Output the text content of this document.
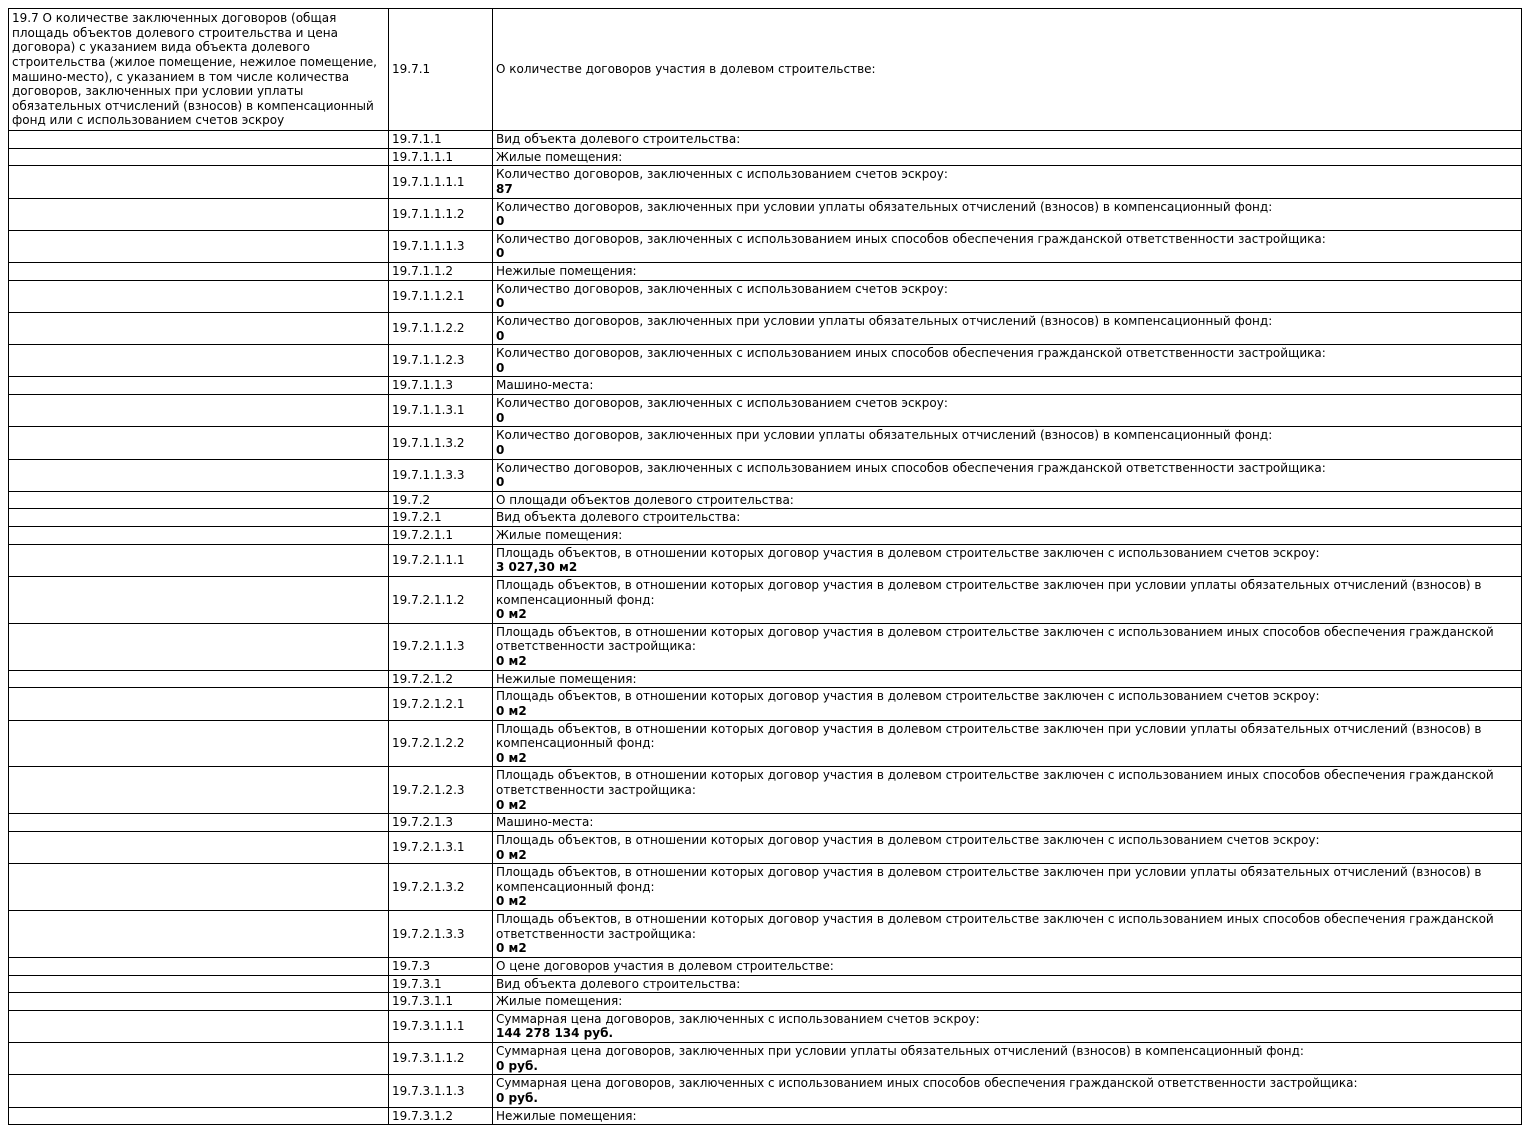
19.7 О количестве заключенных договоров (общая площадь объектов долевого строительства и цена договора) с указанием вида объекта долевого строительства (жилое помещение, нежилое помещение, машино-место), с указанием в том числе количества договоров, заключенных при условии уплаты обязательных отчислений (взносов) в компенсационный фонд или с использованием счетов эскроу	19.7.1	О количестве договоров участия в долевом строительстве:

	19.7.1.1	Вид объекта долевого строительства:

	19.7.1.1.1	Жилые помещения:

	19.7.1.1.1.1	Количество договоров, заключенных с использованием счетов эскроу:
87

	19.7.1.1.1.2	Количество договоров, заключенных при условии уплаты обязательных отчислений (взносов) в компенсационный фонд:
0

	19.7.1.1.1.3	Количество договоров, заключенных с использованием иных способов обеспечения гражданской ответственности застройщика:
0

	19.7.1.1.2	Нежилые помещения:

	19.7.1.1.2.1	Количество договоров, заключенных с использованием счетов эскроу:
0

	19.7.1.1.2.2	Количество договоров, заключенных при условии уплаты обязательных отчислений (взносов) в компенсационный фонд:
0

	19.7.1.1.2.3	Количество договоров, заключенных с использованием иных способов обеспечения гражданской ответственности застройщика:
0

	19.7.1.1.3	Машино-места:

	19.7.1.1.3.1	Количество договоров, заключенных с использованием счетов эскроу:
0

	19.7.1.1.3.2	Количество договоров, заключенных при условии уплаты обязательных отчислений (взносов) в компенсационный фонд:
0

	19.7.1.1.3.3	Количество договоров, заключенных с использованием иных способов обеспечения гражданской ответственности застройщика:
0

	19.7.2	О площади объектов долевого строительства:

	19.7.2.1	Вид объекта долевого строительства:

	19.7.2.1.1	Жилые помещения:

	19.7.2.1.1.1	Площадь объектов, в отношении которых договор участия в долевом строительстве заключен с использованием счетов эскроу:
3 027,30 м2

	19.7.2.1.1.2	Площадь объектов, в отношении которых договор участия в долевом строительстве заключен при условии уплаты обязательных отчислений (взносов) в компенсационный фонд:
0 м2

	19.7.2.1.1.3	Площадь объектов, в отношении которых договор участия в долевом строительстве заключен с использованием иных способов обеспечения гражданской ответственности застройщика:
0 м2

	19.7.2.1.2	Нежилые помещения:

	19.7.2.1.2.1	Площадь объектов, в отношении которых договор участия в долевом строительстве заключен с использованием счетов эскроу:
0 м2

	19.7.2.1.2.2	Площадь объектов, в отношении которых договор участия в долевом строительстве заключен при условии уплаты обязательных отчислений (взносов) в компенсационный фонд:
0 м2

	19.7.2.1.2.3	Площадь объектов, в отношении которых договор участия в долевом строительстве заключен с использованием иных способов обеспечения гражданской ответственности застройщика:
0 м2

	19.7.2.1.3	Машино-места:

	19.7.2.1.3.1	Площадь объектов, в отношении которых договор участия в долевом строительстве заключен с использованием счетов эскроу:
0 м2

	19.7.2.1.3.2	Площадь объектов, в отношении которых договор участия в долевом строительстве заключен при условии уплаты обязательных отчислений (взносов) в компенсационный фонд:
0 м2

	19.7.2.1.3.3	Площадь объектов, в отношении которых договор участия в долевом строительстве заключен с использованием иных способов обеспечения гражданской ответственности застройщика:
0 м2

	19.7.3	О цене договоров участия в долевом строительстве:

	19.7.3.1	Вид объекта долевого строительства:

	19.7.3.1.1	Жилые помещения:

	19.7.3.1.1.1	Суммарная цена договоров, заключенных с использованием счетов эскроу:
144 278 134 руб.

	19.7.3.1.1.2	Суммарная цена договоров, заключенных при условии уплаты обязательных отчислений (взносов) в компенсационный фонд:
0 руб.

	19.7.3.1.1.3	Суммарная цена договоров, заключенных с использованием иных способов обеспечения гражданской ответственности застройщика:
0 руб.

	19.7.3.1.2	Нежилые помещения:
